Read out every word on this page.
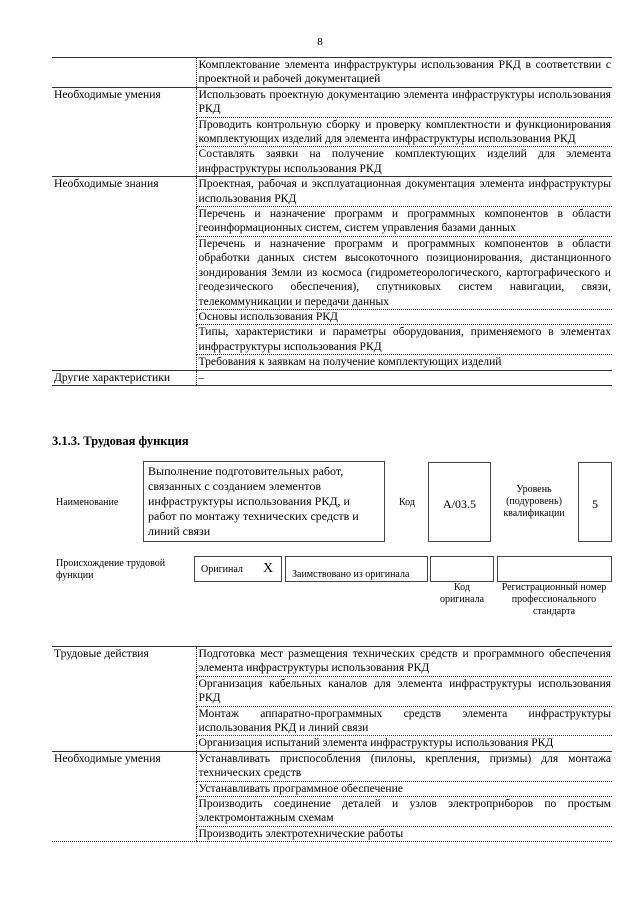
8
	Комплектование элемента инфраструктуры использования РКД в соответствии с проектной и рабочей документацией
Необходимые умения	Использовать проектную документацию элемента инфраструктуры использования РКД
	Проводить контрольную сборку и проверку комплектности и функционирования комплектующих изделий для элемента инфраструктуры использования РКД
	Составлять заявки на получение комплектующих изделий для элемента инфраструктуры использования РКД
Необходимые знания	Проектная, рабочая и эксплуатационная документация элемента инфраструктуры использования РКД
	Перечень и назначение программ и программных компонентов в области геоинформационных систем, систем управления базами данных
	Перечень и назначение программ и программных компонентов в области обработки данных систем высокоточного позиционирования, дистанционного зондирования Земли из космоса (гидрометеорологического, картографического и геодезического обеспечения), спутниковых систем навигации, связи, телекоммуникации и передачи данных
	Основы использования РКД
	Типы, характеристики и параметры оборудования, применяемого в элементах инфраструктуры использования РКД
	Требования к заявкам на получение комплектующих изделий
Другие характеристики	–
3.1.3. Трудовая функция
Наименование
Выполнение подготовительных работ, связанных с созданием элементов инфраструктуры использования РКД, и работ по монтажу технических средств и линий связи
Код	А/03.5
Уровень (подуровень) квалификации
5
Происхождение трудовой функции
Оригинал X	Заимствовано из оригинала
Код оригинала
Регистрационный номер профессионального стандарта
Трудовые действия	Подготовка мест размещения технических средств и программного обеспечения элемента инфраструктуры использования РКД
	Организация кабельных каналов для элемента инфраструктуры использования РКД
	Монтаж аппаратно-программных средств элемента инфраструктуры использования РКД и линий связи
	Организация испытаний элемента инфраструктуры использования РКД
Необходимые умения	Устанавливать приспособления (пилоны, крепления, призмы) для монтажа технических средств
	Устанавливать программное обеспечение
	Производить соединение деталей и узлов электроприборов по простым электромонтажным схемам
	Производить электротехнические работы
